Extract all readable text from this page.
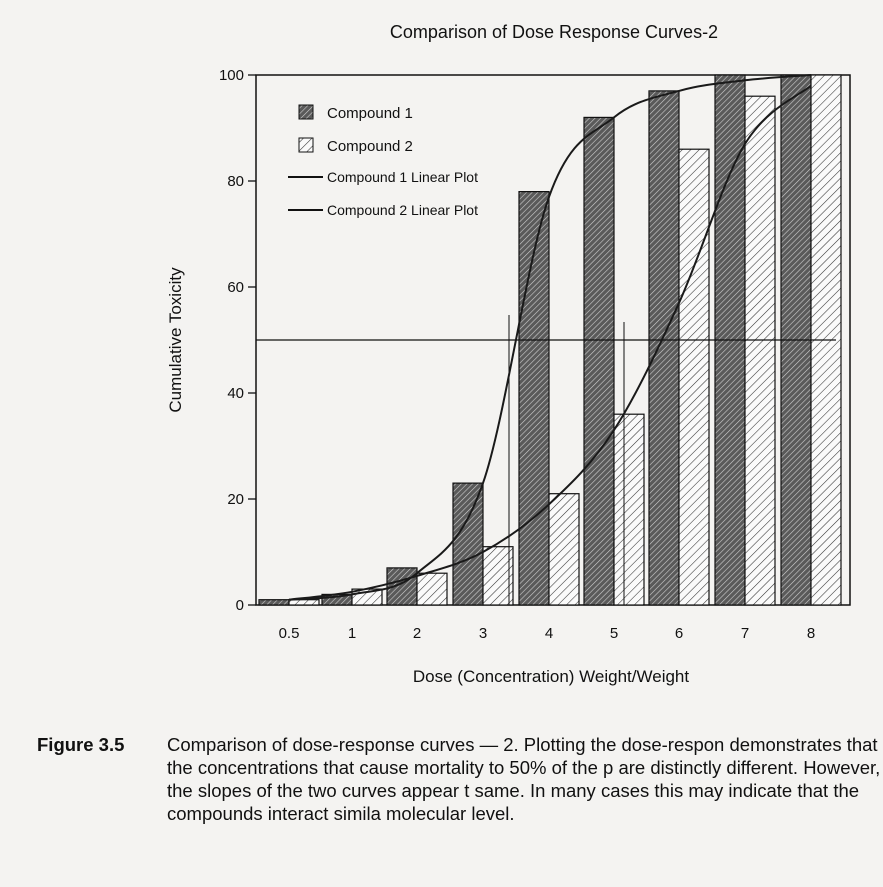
Comparison of Dose Response Curves-2
0
20
40
60
80
100
0.5	1	2	3	4	5	6	7	8
Compound 1
Compound 2
Compound 1 Linear Plot
Compound 2 Linear Plot
Cumulative Toxicity
Dose (Concentration) Weight/Weight
Figure 3.5 Comparison of dose-response curves — 2. Plotting the dose-respon demonstrates that the concentrations that cause mortality to 50% of the p are distinctly different. However, the slopes of the two curves appear t same. In many cases this may indicate that the compounds interact simila molecular level.
